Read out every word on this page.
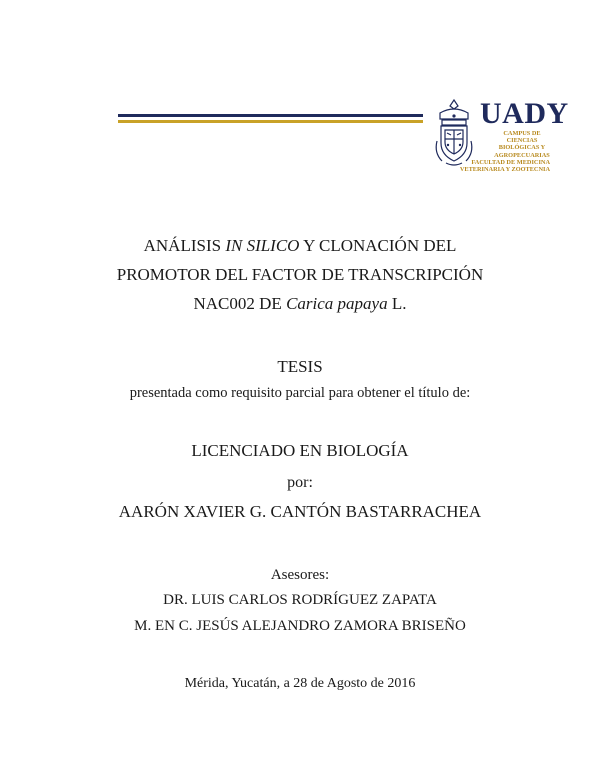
UADY
CAMPUS DE
CIENCIAS
BIOLÓGICAS Y
AGROPECUARIAS
FACULTAD DE MEDICINA
VETERINARIA Y ZOOTECNIA
ANÁLISIS IN SILICO Y CLONACIÓN DEL PROMOTOR DEL FACTOR DE TRANSCRIPCIÓN NAC002 DE Carica papaya L.
TESIS
presentada como requisito parcial para obtener el título de:
LICENCIADO EN BIOLOGÍA
por:
AARÓN XAVIER G. CANTÓN BASTARRACHEA
Asesores:
DR. LUIS CARLOS RODRÍGUEZ ZAPATA
M. EN C. JESÚS ALEJANDRO ZAMORA BRISEÑO
Mérida, Yucatán, a 28 de Agosto de 2016
